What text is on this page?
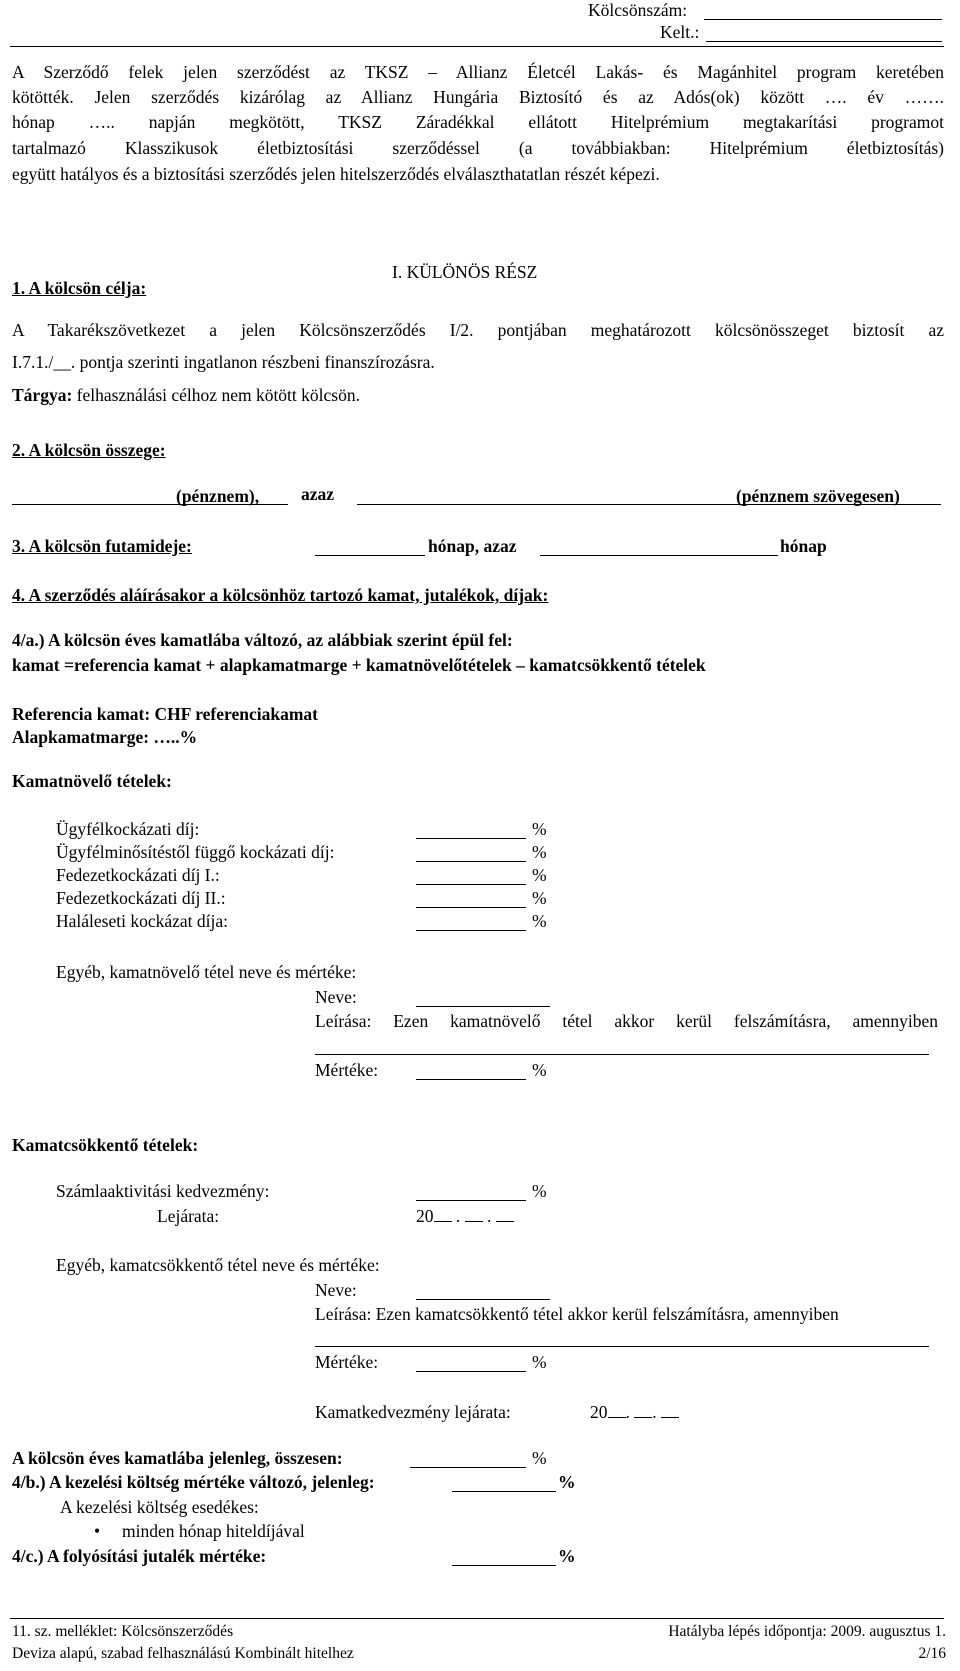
Kölcsönszám:
Kelt.:
A Szerződő felek jelen szerződést az TKSZ – Allianz Életcél Lakás- és Magánhitel program keretében
kötötték. Jelen szerződés kizárólag az Allianz Hungária Biztosító és az Adós(ok) között …. év …….
hónap ….. napján megkötött, TKSZ Záradékkal ellátott Hitelprémium megtakarítási programot
tartalmazó Klasszikusok életbiztosítási szerződéssel (a továbbiakban: Hitelprémium életbiztosítás)
együtt hatályos és a biztosítási szerződés jelen hitelszerződés elválaszthatatlan részét képezi.
I. KÜLÖNÖS RÉSZ
1. A kölcsön célja:
A Takarékszövetkezet a jelen Kölcsönszerződés I/2. pontjában meghatározott kölcsönösszeget biztosít az
I.7.1./__. pontja szerinti ingatlanon részbeni finanszírozásra.
Tárgya: felhasználási célhoz nem kötött kölcsön.
2. A kölcsön összege:
(pénznem), azaz	(pénznem szövegesen)
3. A kölcsön futamideje:	hónap, azaz	hónap
4. A szerződés aláírásakor a kölcsönhöz tartozó kamat, jutalékok, díjak:
4/a.) A kölcsön éves kamatlába változó, az alábbiak szerint épül fel:
kamat =referencia kamat + alapkamatmarge + kamatnövelőtételek – kamatcsökkentő tételek
Referencia kamat: CHF referenciakamat
Alapkamatmarge: …..%
Kamatnövelő tételek:
Ügyfélkockázati díj:	%
Ügyfélminősítéstől függő kockázati díj:	%
Fedezetkockázati díj I.:	%
Fedezetkockázati díj II.:	%
Haláleseti kockázat díja:	%
Egyéb, kamatnövelő tétel neve és mértéke:
Neve:
Leírása: Ezen kamatnövelő tétel akkor kerül felszámításra, amennyiben
Mértéke:	%
Kamatcsökkentő tételek:
Számlaaktivitási kedvezmény:	%
Lejárata:	20 .  .
Egyéb, kamatcsökkentő tétel neve és mértéke:
Neve:
Leírása: Ezen kamatcsökkentő tétel akkor kerül felszámításra, amennyiben
Mértéke:	%
Kamatkedvezmény lejárata:	20 . .
A kölcsön éves kamatlába jelenleg, összesen:	%
4/b.) A kezelési költség mértéke változó, jelenleg:	%
A kezelési költség esedékes:
• minden hónap hiteldíjával
4/c.) A folyósítási jutalék mértéke:	%
11. sz. melléklet: Kölcsönszerződés
Deviza alapú, szabad felhasználású Kombinált hitelhez
Hatályba lépés időpontja: 2009. augusztus 1.
2/16
